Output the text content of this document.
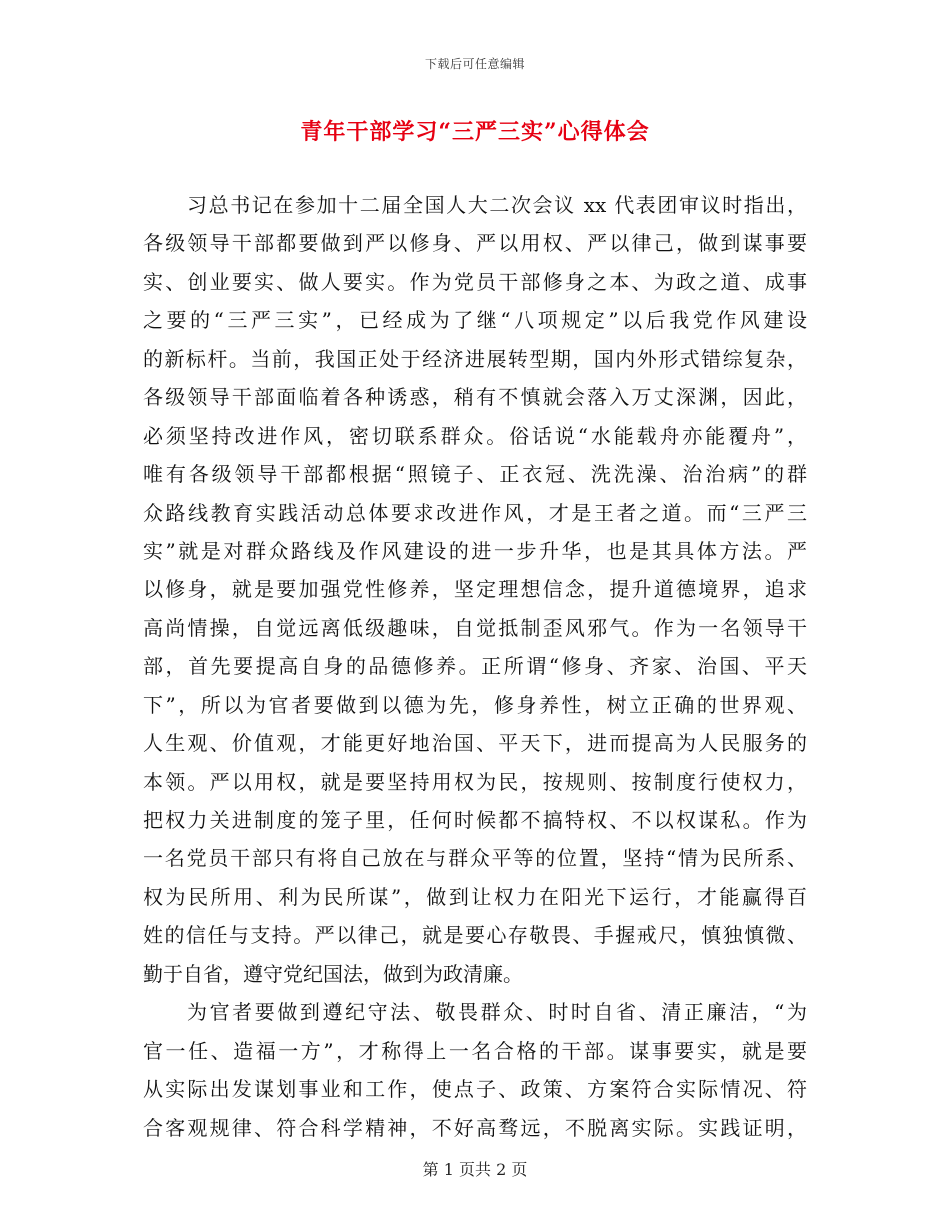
下载后可任意编辑
青年干部学习“三严三实”心得体会
习总书记在参加十二届全国人大二次会议 xx 代表团审议时指出，
各级领导干部都要做到严以修身、严以用权、严以律己，做到谋事要
实、创业要实、做人要实。作为党员干部修身之本、为政之道、成事
之要的“三严三实”，已经成为了继“八项规定”以后我党作风建设
的新标杆。当前，我国正处于经济进展转型期，国内外形式错综复杂，
各级领导干部面临着各种诱惑，稍有不慎就会落入万丈深渊，因此，
必须坚持改进作风，密切联系群众。俗话说“水能载舟亦能覆舟”，
唯有各级领导干部都根据“照镜子、正衣冠、洗洗澡、治治病”的群
众路线教育实践活动总体要求改进作风，才是王者之道。而“三严三
实”就是对群众路线及作风建设的进一步升华，也是其具体方法。严
以修身，就是要加强党性修养，坚定理想信念，提升道德境界，追求
高尚情操，自觉远离低级趣味，自觉抵制歪风邪气。作为一名领导干
部，首先要提高自身的品德修养。正所谓“修身、齐家、治国、平天
下”，所以为官者要做到以德为先，修身养性，树立正确的世界观、
人生观、价值观，才能更好地治国、平天下，进而提高为人民服务的
本领。严以用权，就是要坚持用权为民，按规则、按制度行使权力，
把权力关进制度的笼子里，任何时候都不搞特权、不以权谋私。作为
一名党员干部只有将自己放在与群众平等的位置，坚持“情为民所系、
权为民所用、利为民所谋”，做到让权力在阳光下运行，才能赢得百
姓的信任与支持。严以律己，就是要心存敬畏、手握戒尺，慎独慎微、
勤于自省，遵守党纪国法，做到为政清廉。
为官者要做到遵纪守法、敬畏群众、时时自省、清正廉洁，“为
官一任、造福一方”，才称得上一名合格的干部。谋事要实，就是要
从实际出发谋划事业和工作，使点子、政策、方案符合实际情况、符
合客观规律、符合科学精神，不好高骛远，不脱离实际。实践证明，
第 1 页共 2 页
